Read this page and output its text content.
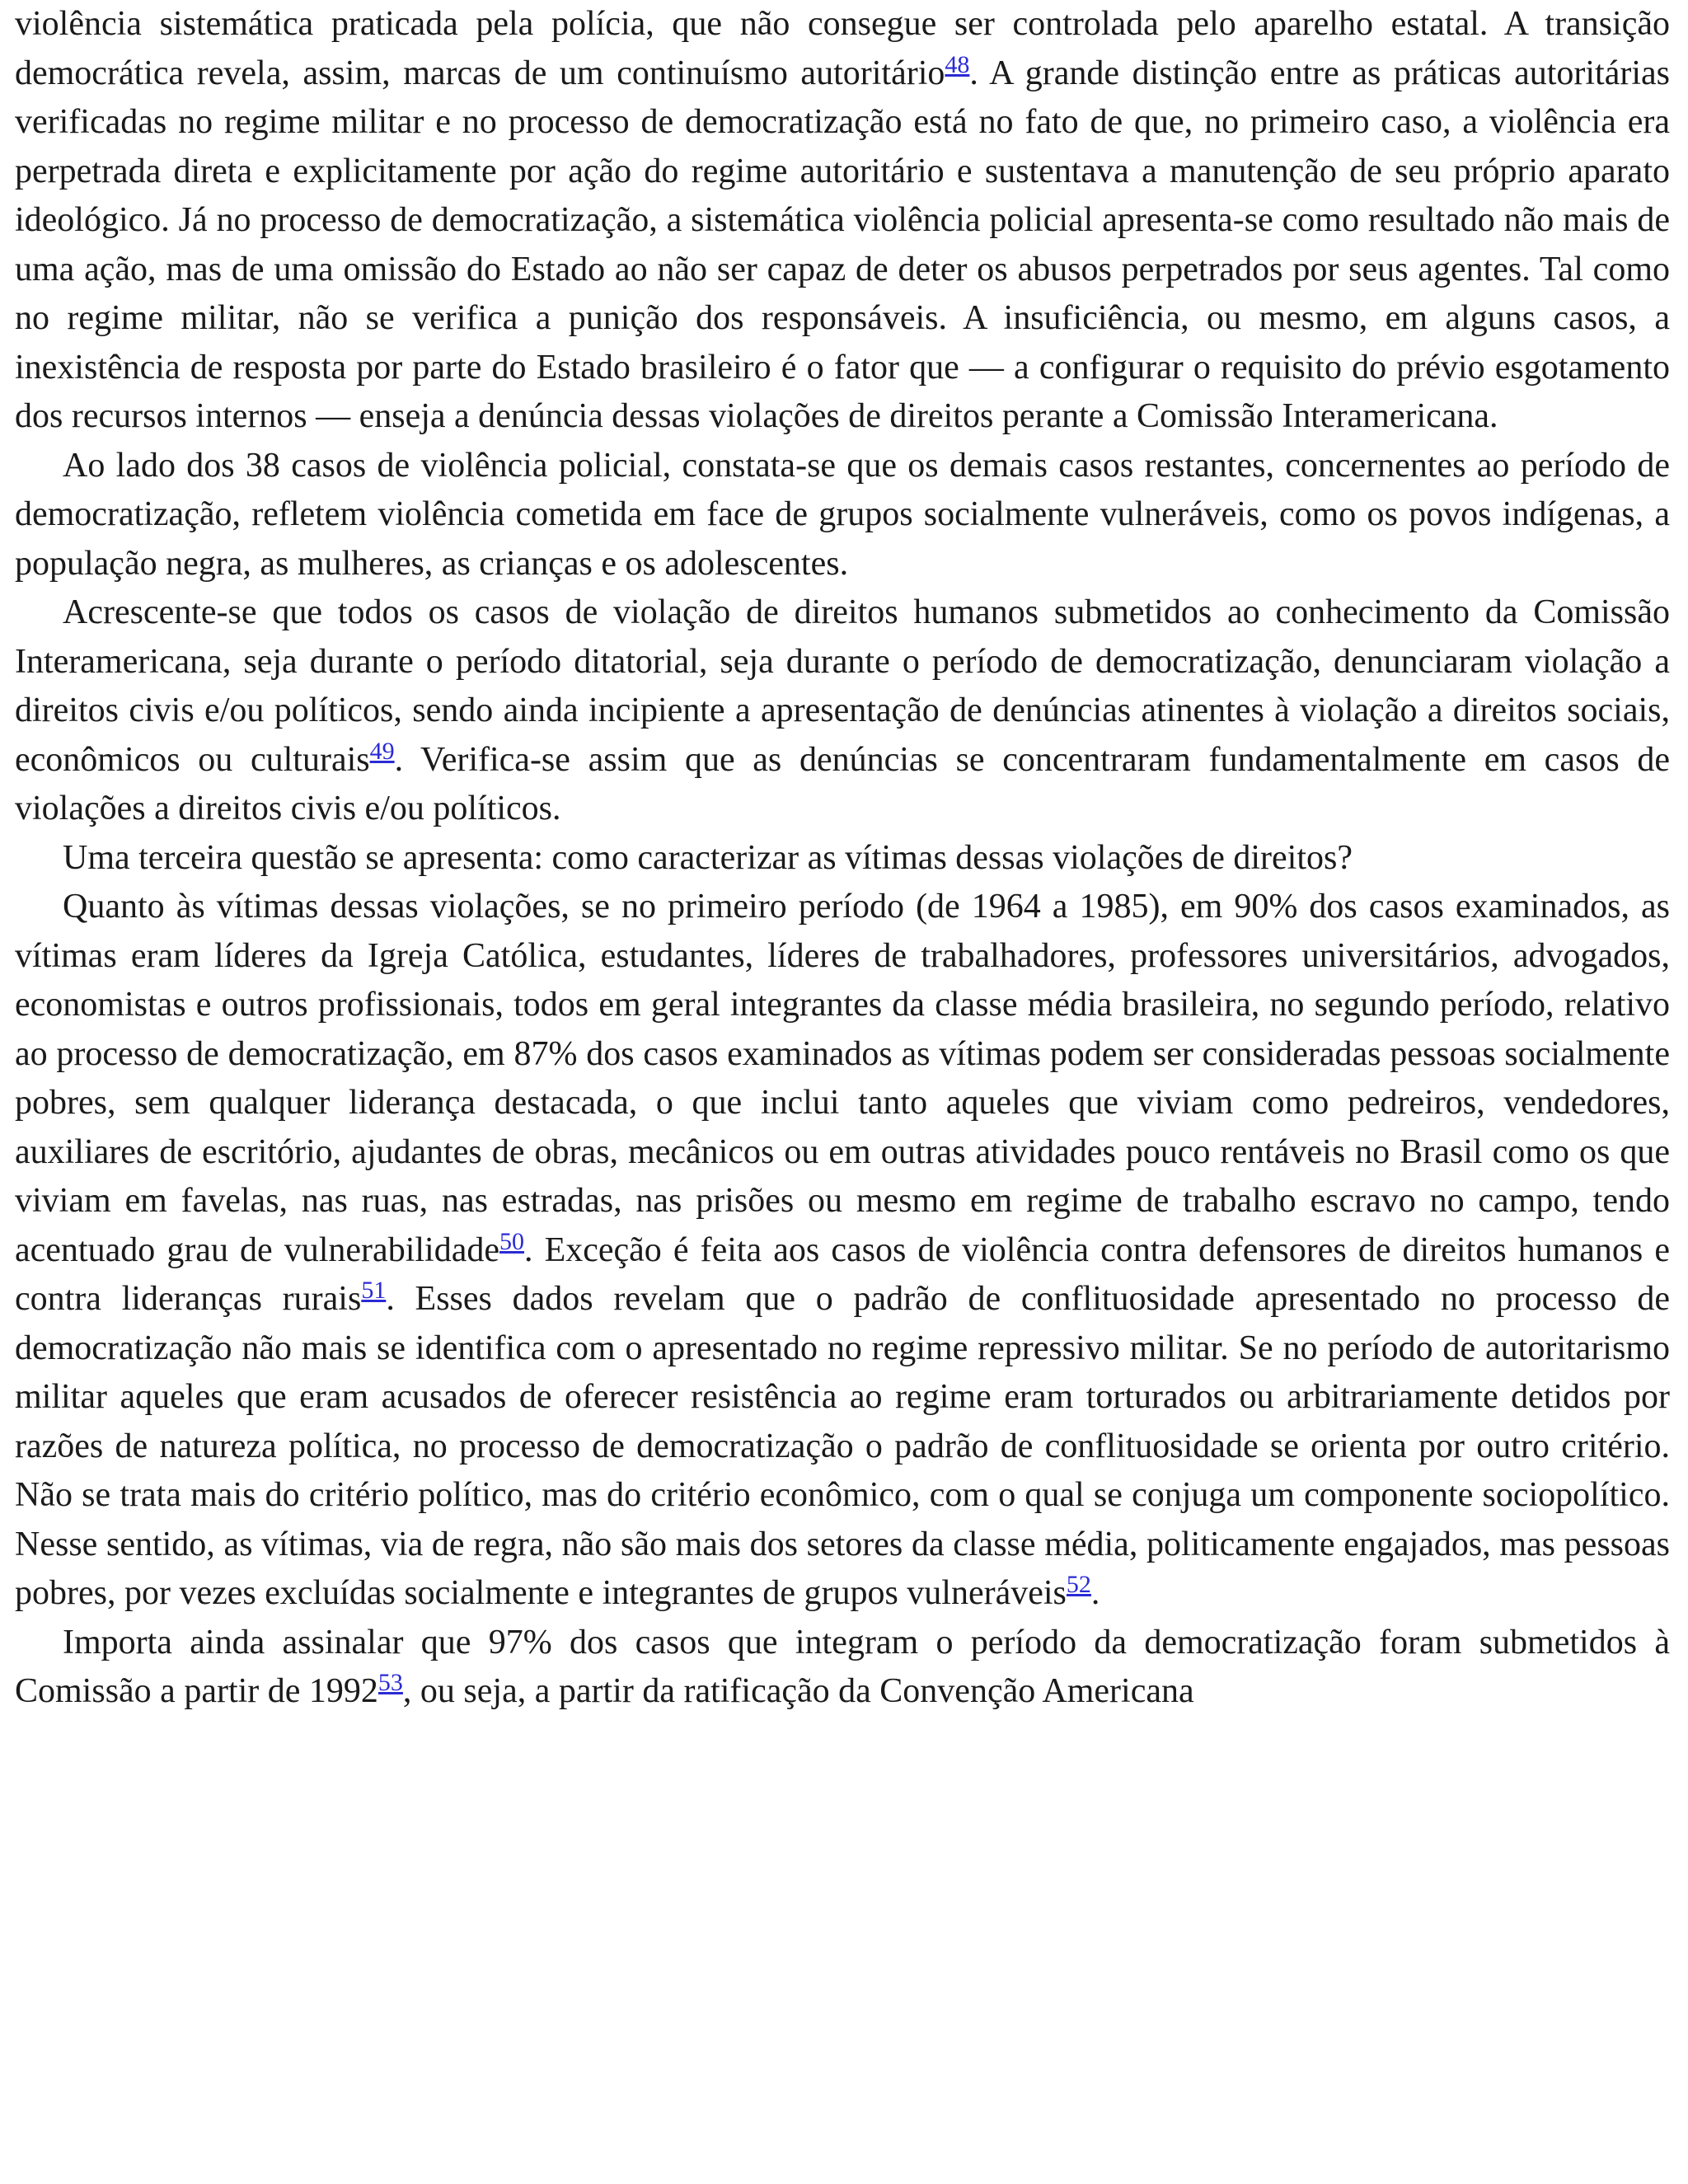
violência sistemática praticada pela polícia, que não consegue ser controlada pelo aparelho estatal. A transição democrática revela, assim, marcas de um continuísmo autoritário$^{48}$. A grande distinção entre as práticas autoritárias verificadas no regime militar e no processo de democratização está no fato de que, no primeiro caso, a violência era perpetrada direta e explicitamente por ação do regime autoritário e sustentava a manutenção de seu próprio aparato ideológico. Já no processo de democratização, a sistemática violência policial apresenta-se como resultado não mais de uma ação, mas de uma omissão do Estado ao não ser capaz de deter os abusos perpetrados por seus agentes. Tal como no regime militar, não se verifica a punição dos responsáveis. A insuficiência, ou mesmo, em alguns casos, a inexistência de resposta por parte do Estado brasileiro é o fator que — a configurar o requisito do prévio esgotamento dos recursos internos — enseja a denúncia dessas violações de direitos perante a Comissão Interamericana.

Ao lado dos 38 casos de violência policial, constata-se que os demais casos restantes, concernentes ao período de democratização, refletem violência cometida em face de grupos socialmente vulneráveis, como os povos indígenas, a população negra, as mulheres, as crianças e os adolescentes.

Acrescente-se que todos os casos de violação de direitos humanos submetidos ao conhecimento da Comissão Interamericana, seja durante o período ditatorial, seja durante o período de democratização, denunciaram violação a direitos civis e/ou políticos, sendo ainda incipiente a apresentação de denúncias atinentes à violação a direitos sociais, econômicos ou culturais$^{49}$. Verifica-se assim que as denúncias se concentraram fundamentalmente em casos de violações a direitos civis e/ou políticos.

Uma terceira questão se apresenta: como caracterizar as vítimas dessas violações de direitos?

Quanto às vítimas dessas violações, se no primeiro período (de 1964 a 1985), em 90% dos casos examinados, as vítimas eram líderes da Igreja Católica, estudantes, líderes de trabalhadores, professores universitários, advogados, economistas e outros profissionais, todos em geral integrantes da classe média brasileira, no segundo período, relativo ao processo de democratização, em 87% dos casos examinados as vítimas podem ser consideradas pessoas socialmente pobres, sem qualquer liderança destacada, o que inclui tanto aqueles que viviam como pedreiros, vendedores, auxiliares de escritório, ajudantes de obras, mecânicos ou em outras atividades pouco rentáveis no Brasil como os que viviam em favelas, nas ruas, nas estradas, nas prisões ou mesmo em regime de trabalho escravo no campo, tendo acentuado grau de vulnerabilidade$^{50}$. Exceção é feita aos casos de violência contra defensores de direitos humanos e contra lideranças rurais$^{51}$. Esses dados revelam que o padrão de conflituosidade apresentado no processo de democratização não mais se identifica com o apresentado no regime repressivo militar. Se no período de autoritarismo militar aqueles que eram acusados de oferecer resistência ao regime eram torturados ou arbitrariamente detidos por razões de natureza política, no processo de democratização o padrão de conflituosidade se orienta por outro critério. Não se trata mais do critério político, mas do critério econômico, com o qual se conjuga um componente sociopolítico. Nesse sentido, as vítimas, via de regra, não são mais dos setores da classe média, politicamente engajados, mas pessoas pobres, por vezes excluídas socialmente e integrantes de grupos vulneráveis$^{52}$.

Importa ainda assinalar que 97% dos casos que integram o período da democratização foram submetidos à Comissão a partir de 1992$^{53}$, ou seja, a partir da ratificação da Convenção Americana
